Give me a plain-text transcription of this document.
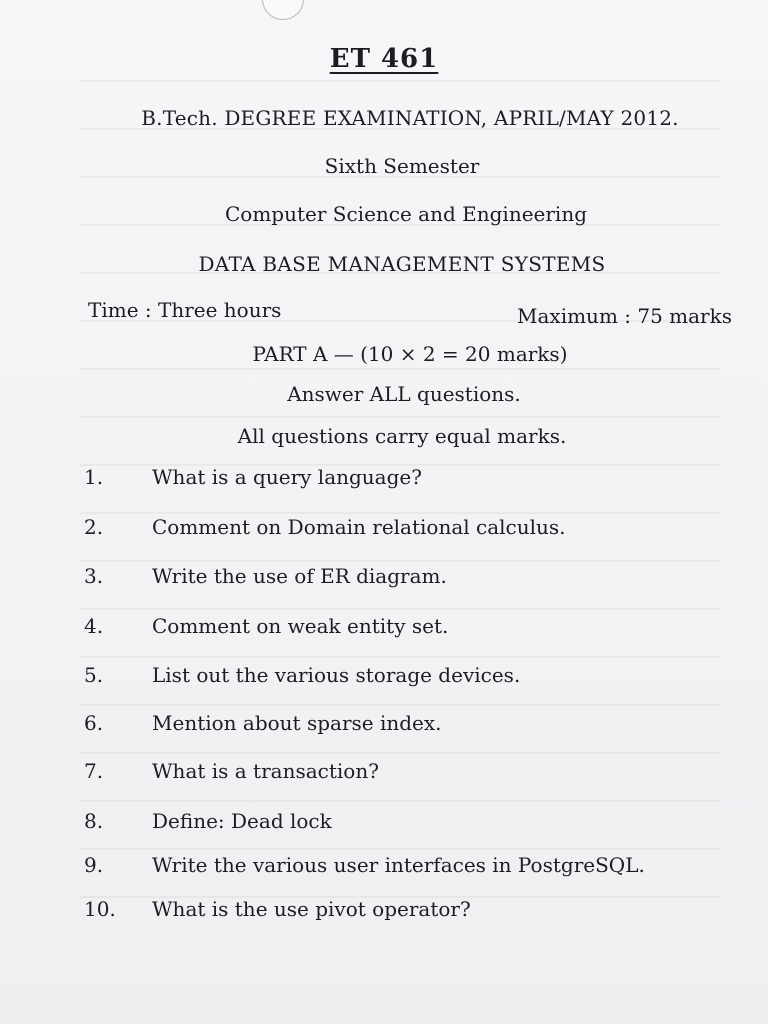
ET 461
B.Tech. DEGREE EXAMINATION, APRIL/MAY 2012.
Sixth Semester
Computer Science and Engineering
DATA BASE MANAGEMENT SYSTEMS
Time : Three hours	Maximum : 75 marks
PART A — (10 × 2 = 20 marks)
Answer ALL questions.
All questions carry equal marks.
1.	What is a query language?
2.	Comment on Domain relational calculus.
3.	Write the use of ER diagram.
4.	Comment on weak entity set.
5.	List out the various storage devices.
6.	Mention about sparse index.
7.	What is a transaction?
8.	Define: Dead lock
9.	Write the various user interfaces in PostgreSQL.
10.	What is the use pivot operator?
